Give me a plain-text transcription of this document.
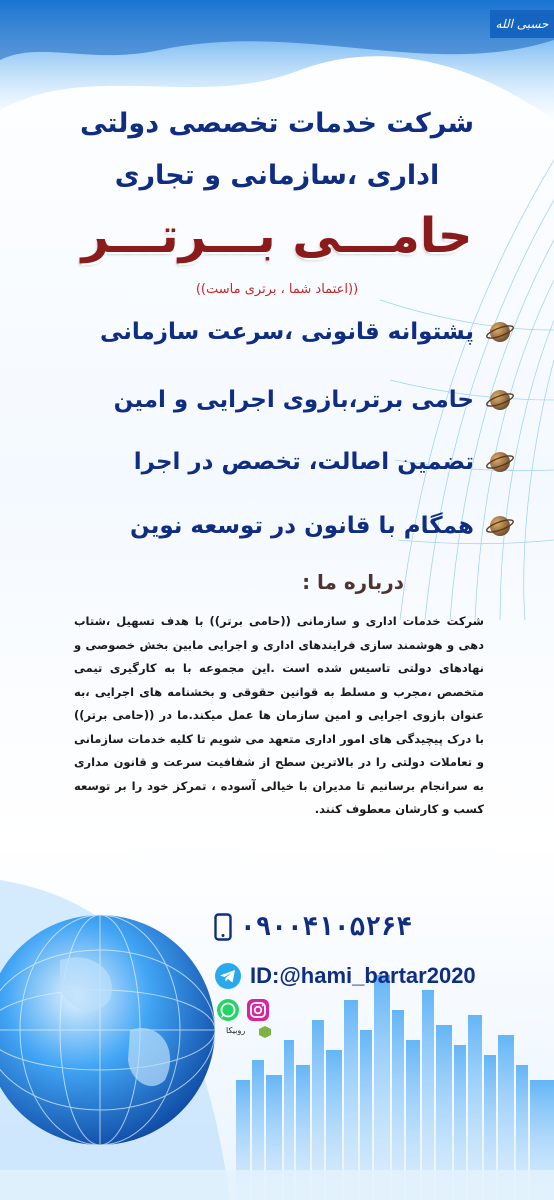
حسبی الله
شرکت خدمات تخصصی دولتی
اداری ،سازمانی و تجاری
حامـــی بـــرتـــر
((اعتماد شما ، برتری ماست))
پشتوانه قانونی ،سرعت سازمانی
حامی برتر،بازوی اجرایی و امین
تضمین اصالت، تخصص در اجرا
همگام با قانون در توسعه نوین
درباره ما :
شرکت خدمات اداری و سازمانی ((حامی برتر)) با هدف تسهیل ،شتاب دهی و هوشمند سازی فرایندهای اداری و اجرایی مابین بخش خصوصی و نهادهای دولتی تاسیس شده است .این مجموعه با به کارگیری تیمی متخصص ،مجرب و مسلط به قوانین حقوقی و بخشنامه های اجرایی ،به عنوان بازوی اجرایی و امین سازمان ها عمل میکند.ما در ((حامی برتر)) با درک پیچیدگی های امور اداری متعهد می شویم تا کلیه خدمات سازمانی و تعاملات دولتی را در بالاترین سطح از شفافیت سرعت و قانون مداری به سرانجام برسانیم تا مدیران با خیالی آسوده ، تمرکز خود را بر توسعه کسب و کارشان معطوف کنند.
۰۹۰۰۴۱۰۵۲۶۴
ID:@hami_bartar2020
روبیکا
